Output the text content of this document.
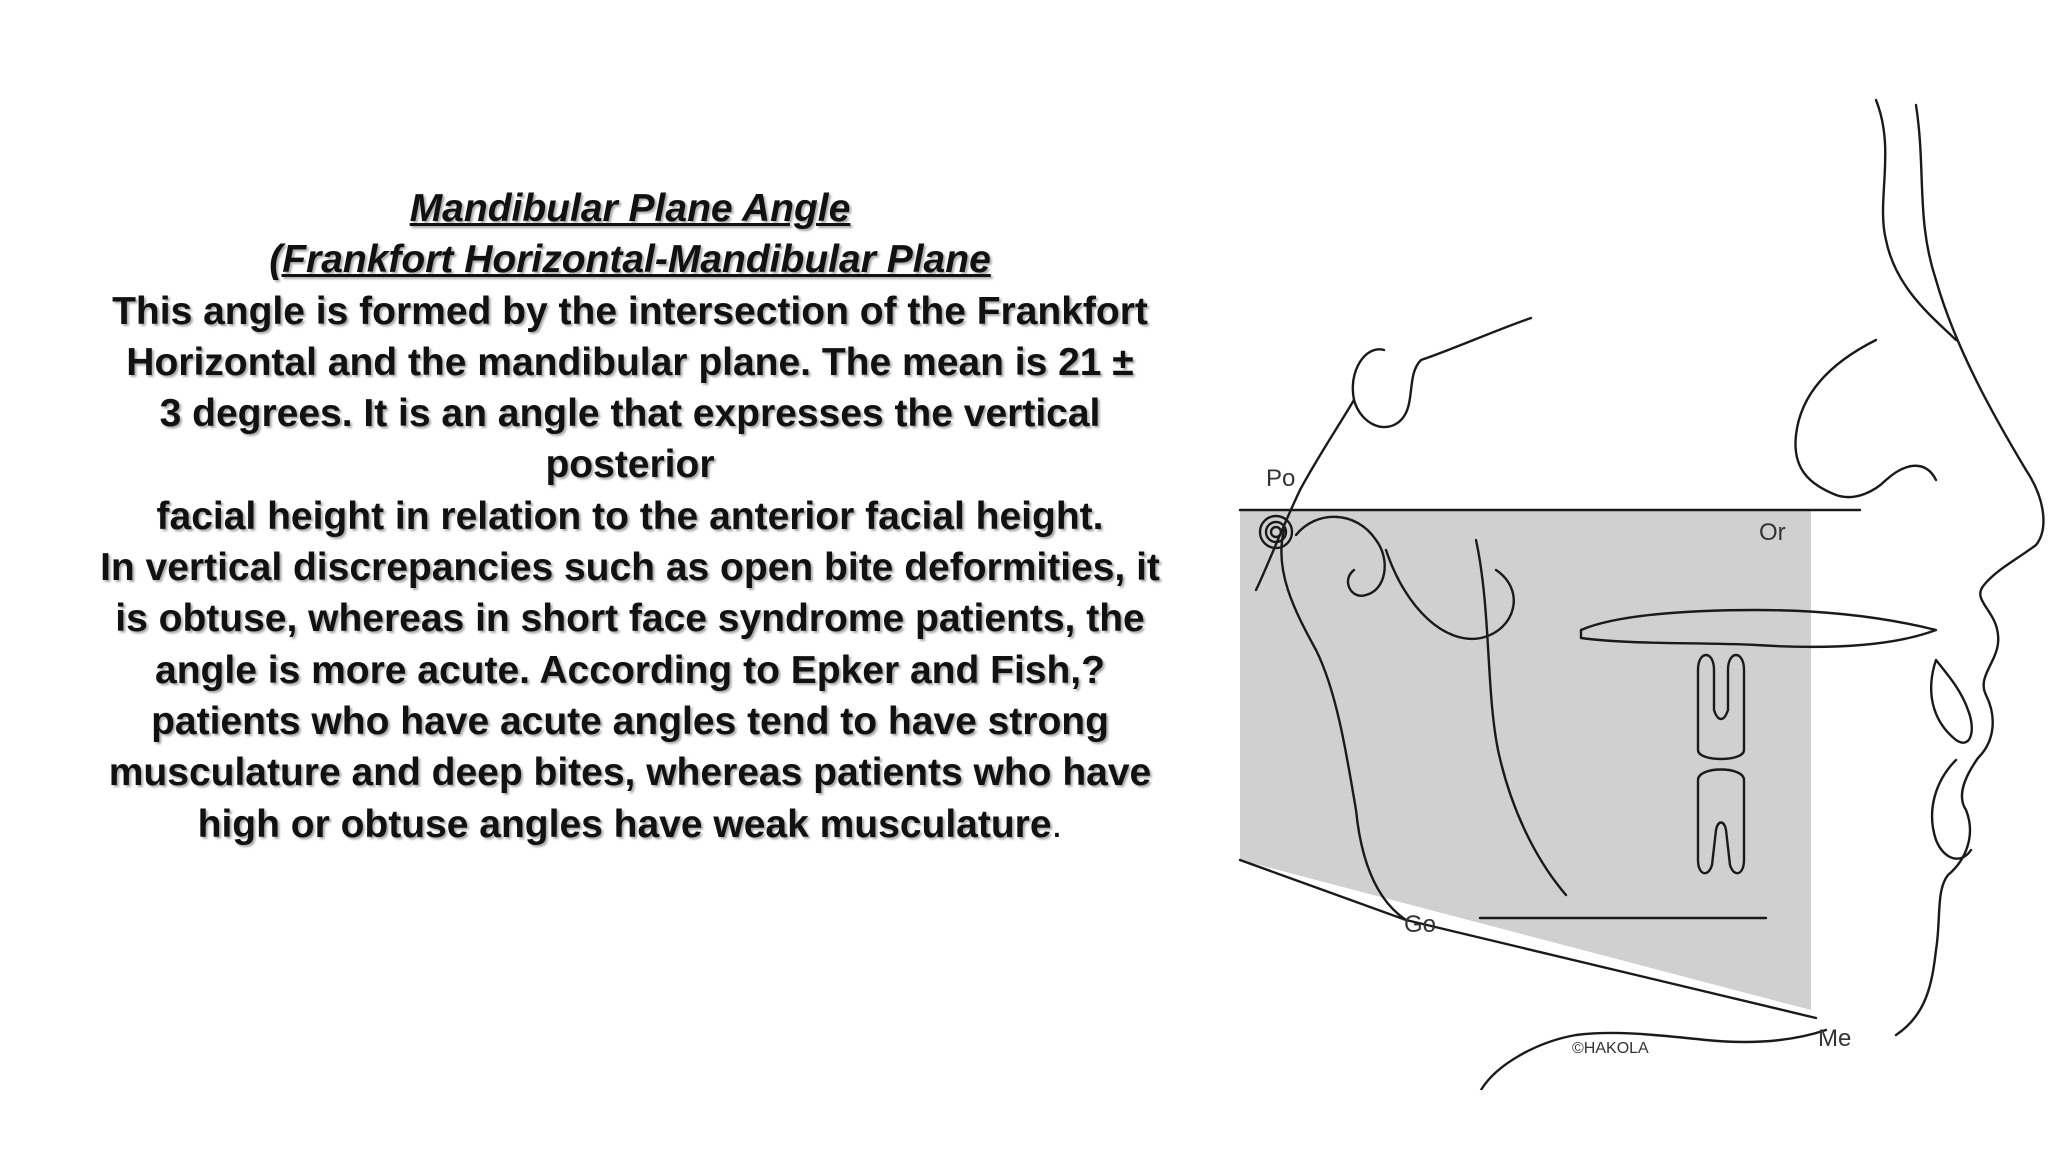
Mandibular Plane Angle
(Frankfort Horizontal-Mandibular Plane
This angle is formed by the intersection of the Frankfort
Horizontal and the mandibular plane. The mean is 21 ±
3 degrees. It is an angle that expresses the vertical
posterior
facial height in relation to the anterior facial height.
In vertical discrepancies such as open bite deformities, it
is obtuse, whereas in short face syndrome patients, the
angle is more acute. According to Epker and Fish,?
patients who have acute angles tend to have strong
musculature and deep bites, whereas patients who have
high or obtuse angles have weak musculature.
Po
Or
Go
Me
©HAKOLA
